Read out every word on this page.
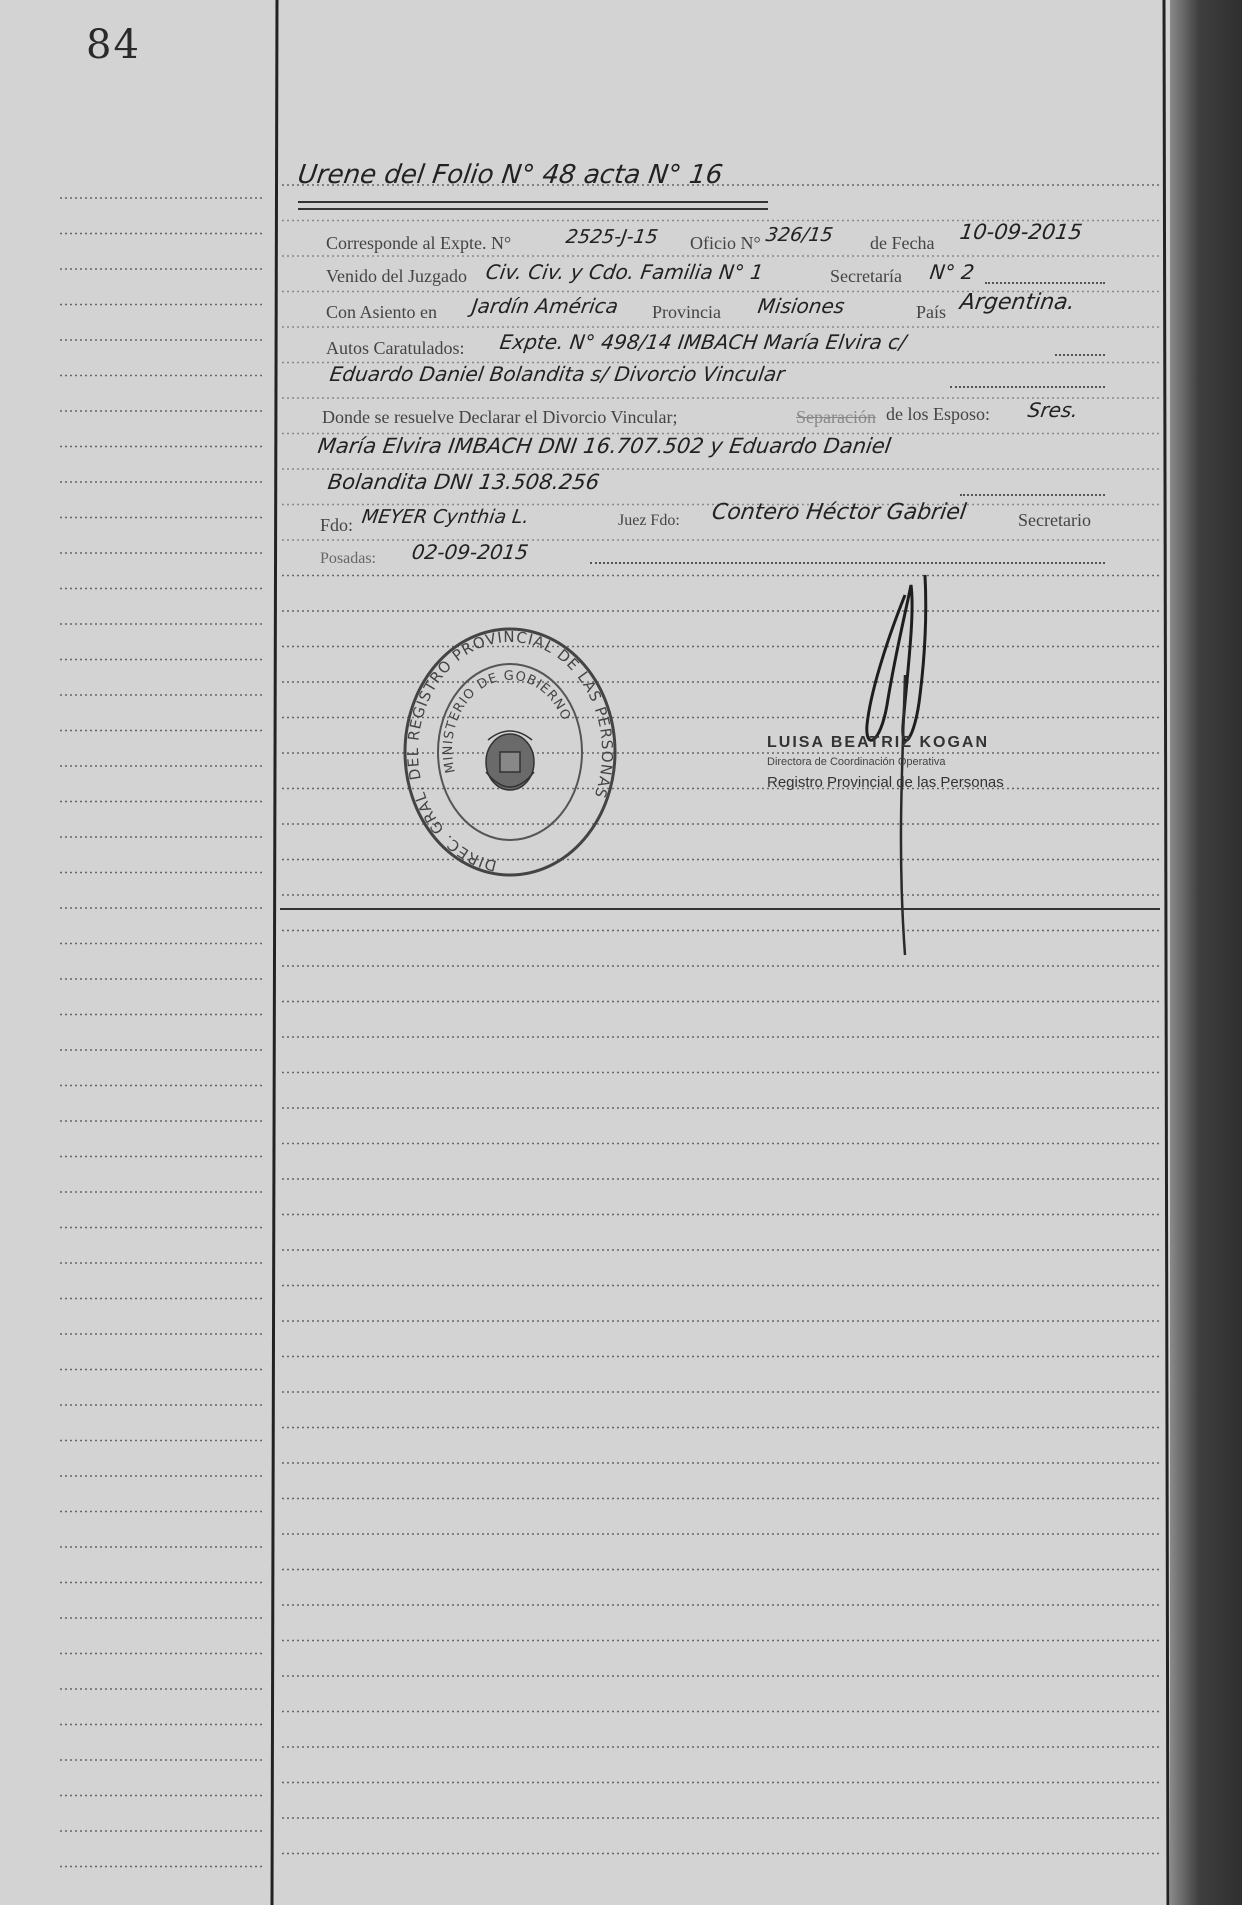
84
Urene del Folio N° 48 acta N° 16
Corresponde al Expte. N°	2525-J-15 Oficio N° 326/15 de Fecha 10-09-2015
Venido del Juzgado Civ. Civ. y Cdo. Familia N° 1	Secretaría N° 2
Con Asiento en Jardín América Provincia Misiones	País Argentina.
Autos Caratulados: Expte. N° 498/14 IMBACH María Elvira c/
Eduardo Daniel Bolandita s/ Divorcio Vincular
Donde se resuelve Declarar el Divorcio Vincular;	Separación de los Esposo: Sres.
María Elvira IMBACH DNI 16.707.502 y Eduardo Daniel
Bolandita DNI 13.508.256
Fdo: MEYER Cynthia L.	Juez Fdo: Contero Héctor Gabriel	Secretario
Posadas: 02-09-2015
DIREC. GRAL. DEL REGISTRO PROVINCIAL DE LAS PERSONAS
MINISTERIO DE GOBIERNO
LUISA BEATRIZ KOGAN
Directora de Coordinación Operativa
Registro Provincial de las Personas
